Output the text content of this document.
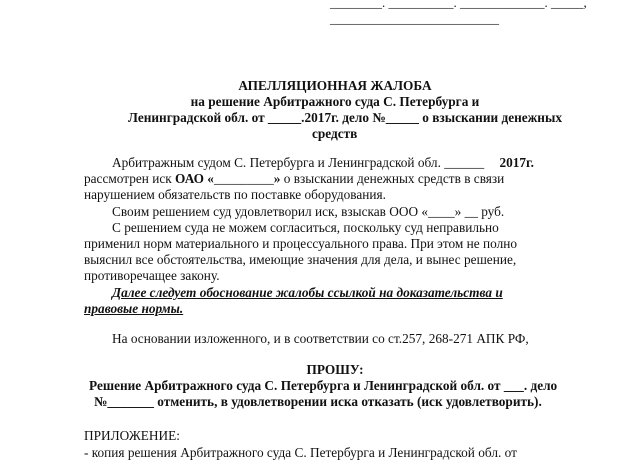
________. __________. _____________. _____,
__________________________
АПЕЛЛЯЦИОННАЯ ЖАЛОБА
на решение Арбитражного суда С. Петербурга и
Ленинградской обл. от _____.2017г. дело №_____ о взыскании денежных
средств
Арбитражным судом С. Петербурга и Ленинградской обл. ______ 2017г.
рассмотрен иск ОАО «_________» о взыскании денежных средств в связи
нарушением обязательств по поставке оборудования.
Своим решением суд удовлетворил иск, взыскав ООО «____» __ руб.
С решением суда не можем согласиться, поскольку суд неправильно
применил норм материального и процессуального права. При этом не полно
выяснил все обстоятельства, имеющие значения для дела, и вынес решение,
противоречащее закону.
Далее следует обоснование жалобы ссылкой на доказательства и
правовые нормы.
На основании изложенного, и в соответствии со ст.257, 268-271 АПК РФ,
ПРОШУ:
Решение Арбитражного суда С. Петербурга и Ленинградской обл. от ___. дело
№_______ отменить, в удовлетворении иска отказать (иск удовлетворить).
ПРИЛОЖЕНИЕ:
- копия решения Арбитражного суда С. Петербурга и Ленинградской обл. от
